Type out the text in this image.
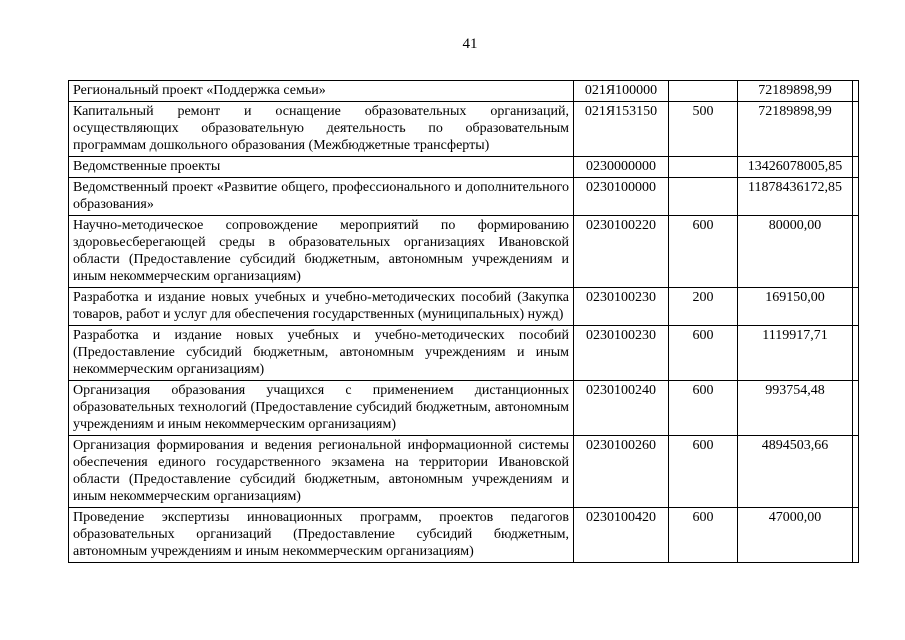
41
Региональный проект «Поддержка семьи»	021Я100000		72189898,99	
Капитальный ремонт и оснащение образовательных организаций, осуществляющих образовательную деятельность по образовательным программам дошкольного образования (Межбюджетные трансферты)	021Я153150	500	72189898,99	
Ведомственные проекты	0230000000		13426078005,85	
Ведомственный проект «Развитие общего, профессионального и дополнительного образования»	0230100000		11878436172,85	
Научно-методическое сопровождение мероприятий по формированию здоровьесберегающей среды в образовательных организациях Ивановской области (Предоставление субсидий бюджетным, автономным учреждениям и иным некоммерческим организациям)	0230100220	600	80000,00	
Разработка и издание новых учебных и учебно-методических пособий (Закупка товаров, работ и услуг для обеспечения государственных (муниципальных) нужд)	0230100230	200	169150,00	
Разработка и издание новых учебных и учебно-методических пособий (Предоставление субсидий бюджетным, автономным учреждениям и иным некоммерческим организациям)	0230100230	600	1119917,71	
Организация образования учащихся с применением дистанционных образовательных технологий (Предоставление субсидий бюджетным, автономным учреждениям и иным некоммерческим организациям)	0230100240	600	993754,48	
Организация формирования и ведения региональной информационной системы обеспечения единого государственного экзамена на территории Ивановской области (Предоставление субсидий бюджетным, автономным учреждениям и иным некоммерческим организациям)	0230100260	600	4894503,66	
Проведение экспертизы инновационных программ, проектов педагогов образовательных организаций (Предоставление субсидий бюджетным, автономным учреждениям и иным некоммерческим организациям)	0230100420	600	47000,00	
